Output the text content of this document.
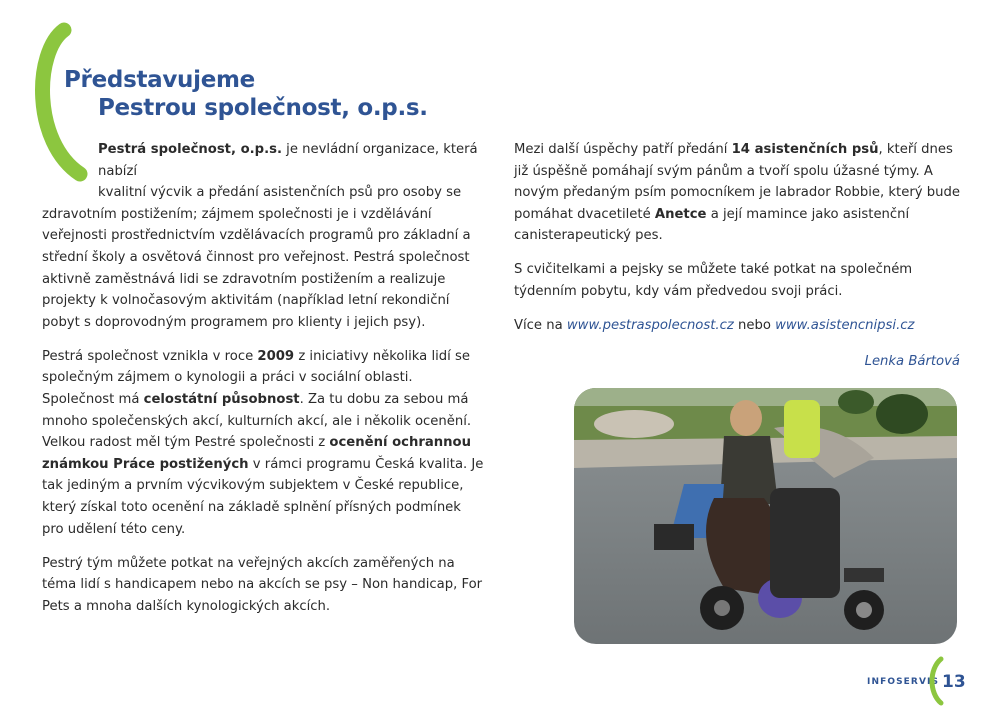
Představujeme
Pestrou společnost, o.p.s.

Pestrá společnost, o.p.s. je nevládní organizace, která nabízí
kvalitní výcvik a předání asistenčních psů pro osoby se
zdravotním postižením; zájmem společnosti je i vzdělávání veřejnosti prostřednictvím vzdělávacích programů pro základní a střední školy a osvětová činnost pro veřejnost. Pestrá společnost aktivně zaměstnává lidi se zdravotním postižením a realizuje projekty k volnočasovým aktivitám (například letní rekondiční pobyt s doprovodným programem pro klienty i jejich psy).

Pestrá společnost vznikla v roce 2009 z iniciativy několika lidí se společným zájmem o kynologii a práci v sociální oblasti. Společnost má celostátní působnost. Za tu dobu za sebou má mnoho společenských akcí, kulturních akcí, ale i několik ocenění. Velkou radost měl tým Pestré společnosti z ocenění ochrannou známkou Práce postižených v rámci programu Česká kvalita. Je tak jediným a prvním výcvikovým subjektem v České republice, který získal toto ocenění na základě splnění přísných podmínek pro udělení této ceny.

Pestrý tým můžete potkat na veřejných akcích zaměřených na téma lidí s handicapem nebo na akcích se psy – Non handicap, For Pets a mnoha dalších kynologických akcích.

Mezi další úspěchy patří předání 14 asistenčních psů, kteří dnes již úspěšně pomáhají svým pánům a tvoří spolu úžasné týmy. A novým předaným psím pomocníkem je labrador Robbie, který bude pomáhat dvacetileté Anetce a její mamince jako asistenční canisterapeutický pes.

S cvičitelkami a pejsky se můžete také potkat na společném týdenním pobytu, kdy vám předvedou svoji práci.

Více na www.pestraspolecnost.cz nebo www.asistencnipsi.cz

Lenka Bártová
INFOSERVIS 13
